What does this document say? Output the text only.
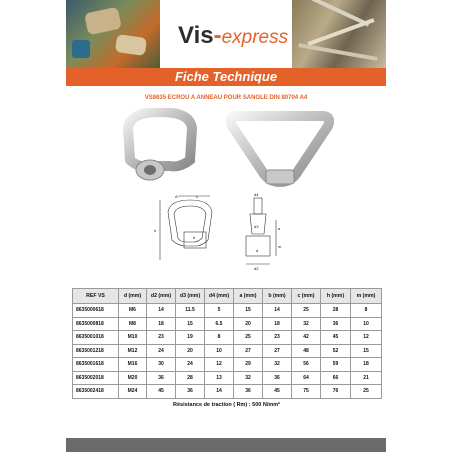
Vis-express
Fiche Technique
VS8635 ECROU A ANNEAU POUR SANGLE DIN 80704 A4
A	c
b
h
d4
d3
d
a
d2
m
REF VS	d (mm)	d2 (mm)	d3 (mm)	d4 (mm)	a (mm)	b (mm)	c (mm)	h (mm)	m (mm)
8635000618	M6	14	11.5	5	15	14	25	28	8
8635000818	M8	18	15	6.5	20	18	32	36	10
8635001018	M10	23	19	8	25	23	42	45	12
8635001218	M12	24	20	10	27	27	48	52	15
8635001618	M16	30	24	12	29	32	56	59	18
8635002018	M20	36	28	13	32	36	64	66	21
8635002418	M24	45	36	14	36	45	75	76	25
Résistance de traction ( Rm) : 500 N/mm²
